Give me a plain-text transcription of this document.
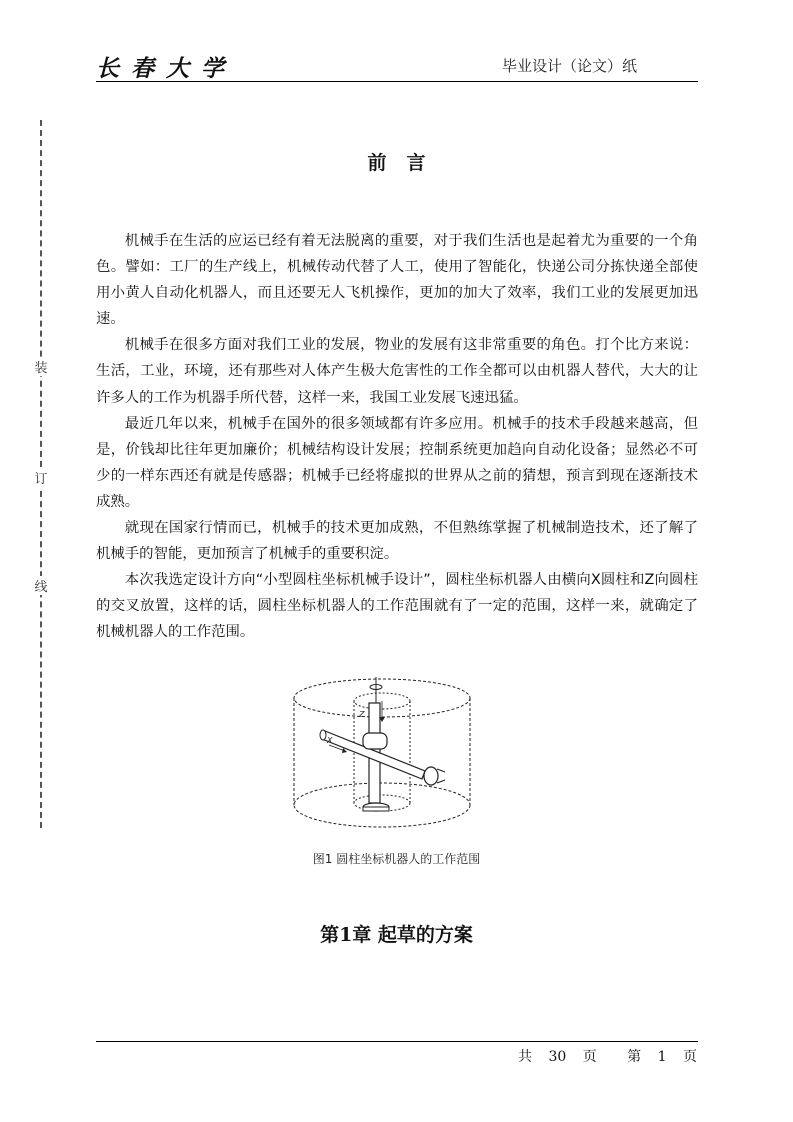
长春大学	毕业设计（论文）纸
装
订
线
前言

机械手在生活的应运已经有着无法脱离的重要，对于我们生活也是起着尤为重要的一个角色。譬如：工厂的生产线上，机械传动代替了人工，使用了智能化，快递公司分拣快递全部使用小黄人自动化机器人，而且还要无人飞机操作，更加的加大了效率，我们工业的发展更加迅速。

机械手在很多方面对我们工业的发展，物业的发展有这非常重要的角色。打个比方来说：生活，工业，环境，还有那些对人体产生极大危害性的工作全都可以由机器人替代，大大的让许多人的工作为机器手所代替，这样一来，我国工业发展飞速迅猛。

最近几年以来，机械手在国外的很多领域都有许多应用。机械手的技术手段越来越高，但是，价钱却比往年更加廉价；机械结构设计发展；控制系统更加趋向自动化设备；显然必不可少的一样东西还有就是传感器；机械手已经将虚拟的世界从之前的猜想，预言到现在逐渐技术成熟。

就现在国家行情而已，机械手的技术更加成熟，不但熟练掌握了机械制造技术，还了解了机械手的智能，更加预言了机械手的重要积淀。

本次我选定设计方向“小型圆柱坐标机械手设计”，圆柱坐标机器人由横向X圆柱和Z向圆柱的交叉放置，这样的话，圆柱坐标机器人的工作范围就有了一定的范围，这样一来，就确定了机械机器人的工作范围。

Z
X
图1 圆柱坐标机器人的工作范围
第1章 起草的方案
共 30 页 第 1 页
